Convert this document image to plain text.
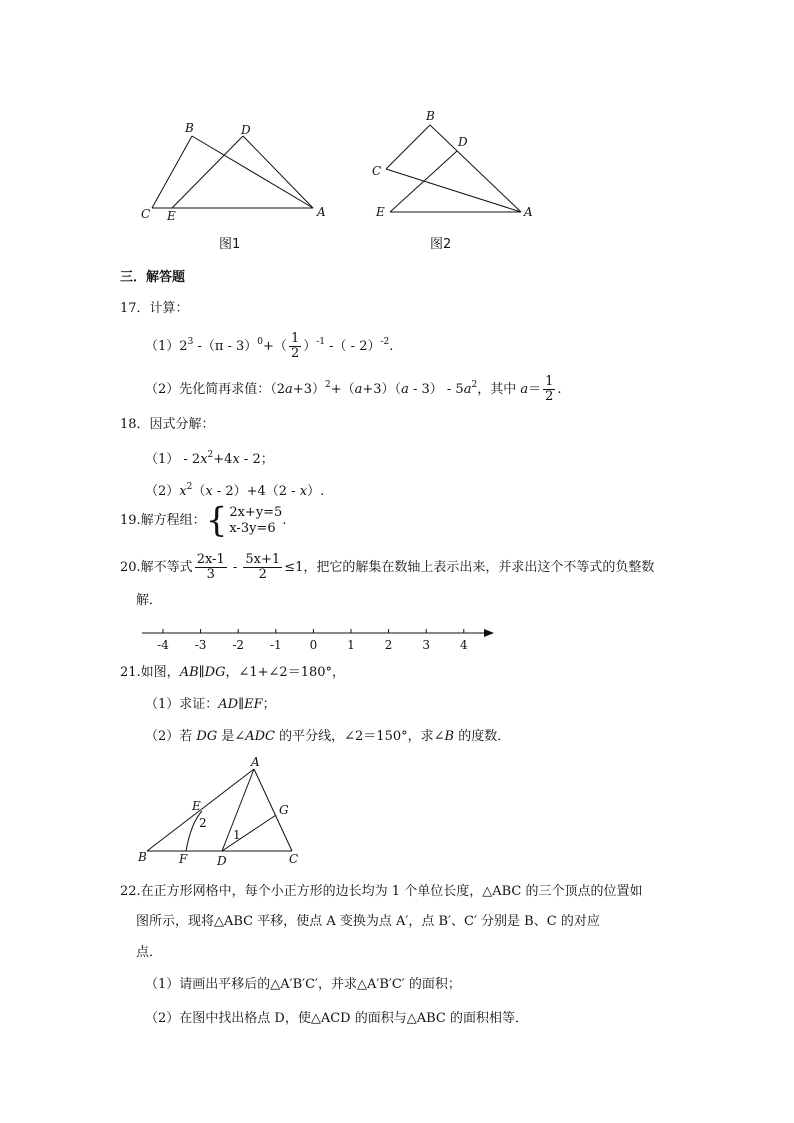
B	D
C E	A
图1
B
D
C
E	A
图2
三．解答题
17．计算：
$(1)2^3$ $-(\pi - 3)^0+( \frac{1}{2} )^{-1}$ -（ - 2）$^{-2}$.
（2）先化简再求值：$(2a+3)^2+(a+3)(a - 3) - 5a^2$，其中 $a= \frac{1}{2}$ .
18．因式分解：
$(1) - 2x^2+4x - 2$；
$(2)x^2(x - 2)+4(2 - x)$.
19.解方程组：{ 2x+y=5
x-3y=6 .
20.解不等式 $\frac{2x-1}{3} - \frac{5x+1}{2} \le 1$，把它的解集在数轴上表示出来，并求出这个不等式的负整数
解．
-4 -3 -2 -1 0 1 2 3 4
21.如图，AB∥DG，∠1+∠2＝180°，
（1）求证：AD∥EF；
（2）若 DG 是∠ADC 的平分线，∠2＝150°，求∠B 的度数．
A
E	G
2
1
B	F D	C
22.在正方形网格中，每个小正方形的边长均为 1 个单位长度，△ABC 的三个顶点的位置如
图所示，现将△ABC 平移，使点 A 变换为点 A′，点 B′、C′ 分别是 B、C 的对应
点．
（1）请画出平移后的△A′B′C′，并求△A′B′C′ 的面积；
（2）在图中找出格点 D，使△ACD 的面积与△ABC 的面积相等．
